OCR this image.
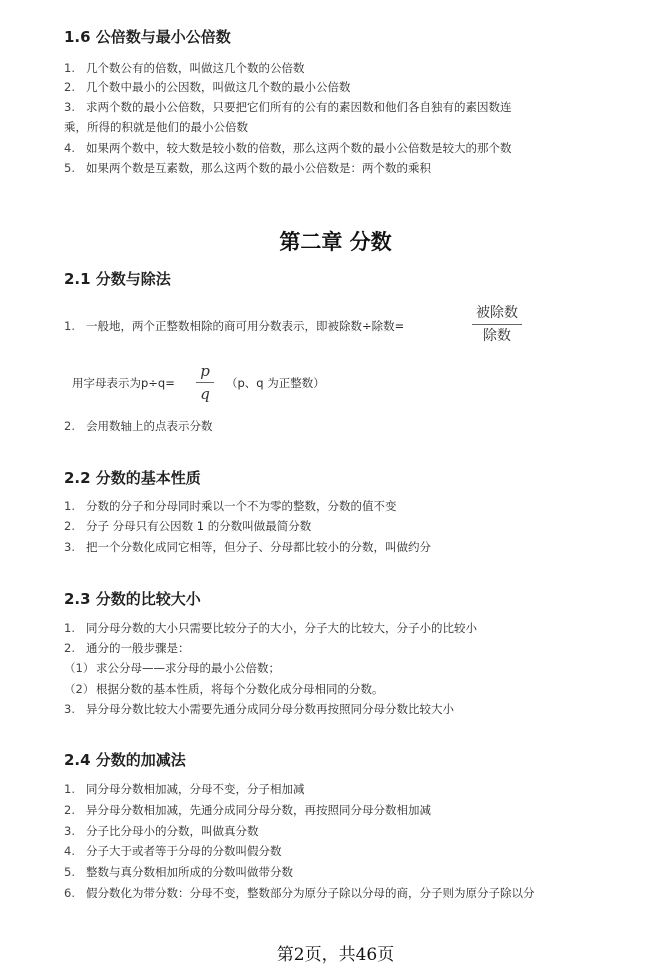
1.6 公倍数与最小公倍数
1. 几个数公有的倍数，叫做这几个数的公倍数
2. 几个数中最小的公因数，叫做这几个数的最小公倍数
3. 求两个数的最小公倍数，只要把它们所有的公有的素因数和他们各自独有的素因数连
乘，所得的积就是他们的最小公倍数
4. 如果两个数中，较大数是较小数的倍数，那么这两个数的最小公倍数是较大的那个数
5. 如果两个数是互素数，那么这两个数的最小公倍数是：两个数的乘积
第二章 分数
2.1 分数与除法
1. 一般地，两个正整数相除的商可用分数表示，即被除数÷除数=
被除数
除数
用字母表示为p÷q=
p
q
（p、q 为正整数）
2. 会用数轴上的点表示分数
2.2 分数的基本性质
1. 分数的分子和分母同时乘以一个不为零的整数，分数的值不变
2. 分子 分母只有公因数 1 的分数叫做最简分数
3. 把一个分数化成同它相等，但分子、分母都比较小的分数，叫做约分
2.3 分数的比较大小
1. 同分母分数的大小只需要比较分子的大小，分子大的比较大，分子小的比较小
2. 通分的一般步骤是：
（1） 求公分母——求分母的最小公倍数；
（2） 根据分数的基本性质，将每个分数化成分母相同的分数。
3. 异分母分数比较大小需要先通分成同分母分数再按照同分母分数比较大小
2.4 分数的加减法
1. 同分母分数相加减，分母不变，分子相加减
2. 异分母分数相加减，先通分成同分母分数，再按照同分母分数相加减
3. 分子比分母小的分数，叫做真分数
4. 分子大于或者等于分母的分数叫假分数
5. 整数与真分数相加所成的分数叫做带分数
6. 假分数化为带分数：分母不变，整数部分为原分子除以分母的商，分子则为原分子除以分
第2页，共46页
